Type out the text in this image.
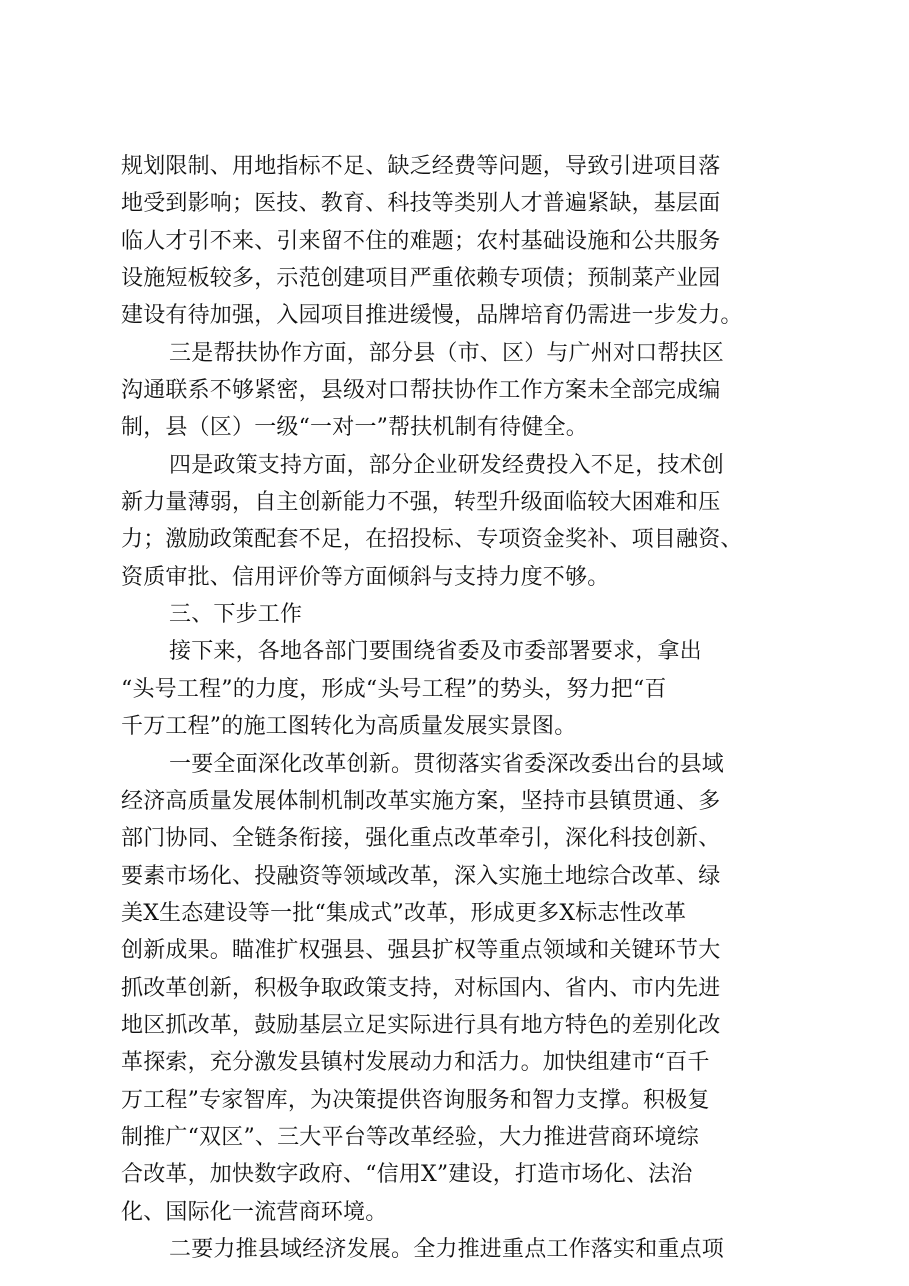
规划限制、用地指标不足、缺乏经费等问题，导致引进项目落
地受到影响；医技、教育、科技等类别人才普遍紧缺，基层面
临人才引不来、引来留不住的难题；农村基础设施和公共服务
设施短板较多，示范创建项目严重依赖专项债；预制菜产业园
建设有待加强，入园项目推进缓慢，品牌培育仍需进一步发力。
三是帮扶协作方面，部分县（市、区）与广州对口帮扶区
沟通联系不够紧密，县级对口帮扶协作工作方案未全部完成编
制，县（区）一级“一对一”帮扶机制有待健全。
四是政策支持方面，部分企业研发经费投入不足，技术创
新力量薄弱，自主创新能力不强，转型升级面临较大困难和压
力；激励政策配套不足，在招投标、专项资金奖补、项目融资、
资质审批、信用评价等方面倾斜与支持力度不够。
三、下步工作
接下来，各地各部门要围绕省委及市委部署要求，拿出
“头号工程”的力度，形成“头号工程”的势头，努力把“百
千万工程”的施工图转化为高质量发展实景图。
一要全面深化改革创新。贯彻落实省委深改委出台的县域
经济高质量发展体制机制改革实施方案，坚持市县镇贯通、多
部门协同、全链条衔接，强化重点改革牵引，深化科技创新、
要素市场化、投融资等领域改革，深入实施土地综合改革、绿
美X生态建设等一批“集成式”改革，形成更多X标志性改革
创新成果。瞄准扩权强县、强县扩权等重点领域和关键环节大
抓改革创新，积极争取政策支持，对标国内、省内、市内先进
地区抓改革，鼓励基层立足实际进行具有地方特色的差别化改
革探索，充分激发县镇村发展动力和活力。加快组建市“百千
万工程”专家智库，为决策提供咨询服务和智力支撑。积极复
制推广“双区”、三大平台等改革经验，大力推进营商环境综
合改革，加快数字政府、“信用X”建设，打造市场化、法治
化、国际化一流营商环境。
二要力推县域经济发展。全力推进重点工作落实和重点项
